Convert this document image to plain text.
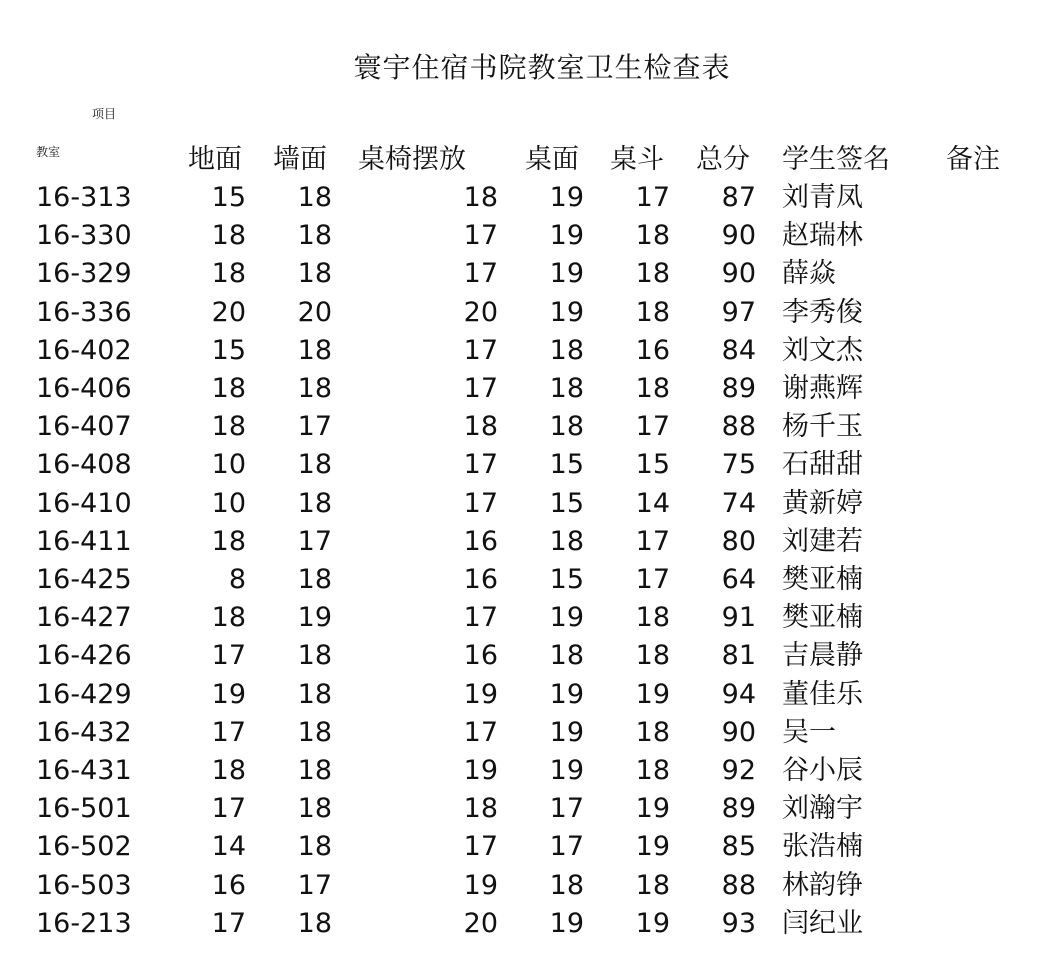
寰宇住宿书院教室卫生检查表
项目
教室	地面 墙面 桌椅摆放 桌面 桌斗 总分 学生签名 备注
16-313	15	18	18	19	17	87 刘青凤
16-330	18	18	17	19	18	90 赵瑞林
16-329	18	18	17	19	18	90 薛焱
16-336	20	20	20	19	18	97 李秀俊
16-402	15	18	17	18	16	84 刘文杰
16-406	18	18	17	18	18	89 谢燕辉
16-407	18	17	18	18	17	88 杨千玉
16-408	10	18	17	15	15	75 石甜甜
16-410	10	18	17	15	14	74 黄新婷
16-411	18	17	16	18	17	80 刘建若
16-425	8	18	16	15	17	64 樊亚楠
16-427	18	19	17	19	18	91 樊亚楠
16-426	17	18	16	18	18	81 吉晨静
16-429	19	18	19	19	19	94 董佳乐
16-432	17	18	17	19	18	90 吴一
16-431	18	18	19	19	18	92 谷小辰
16-501	17	18	18	17	19	89 刘瀚宇
16-502	14	18	17	17	19	85 张浩楠
16-503	16	17	19	18	18	88 林韵铮
16-213	17	18	20	19	19	93 闫纪业
